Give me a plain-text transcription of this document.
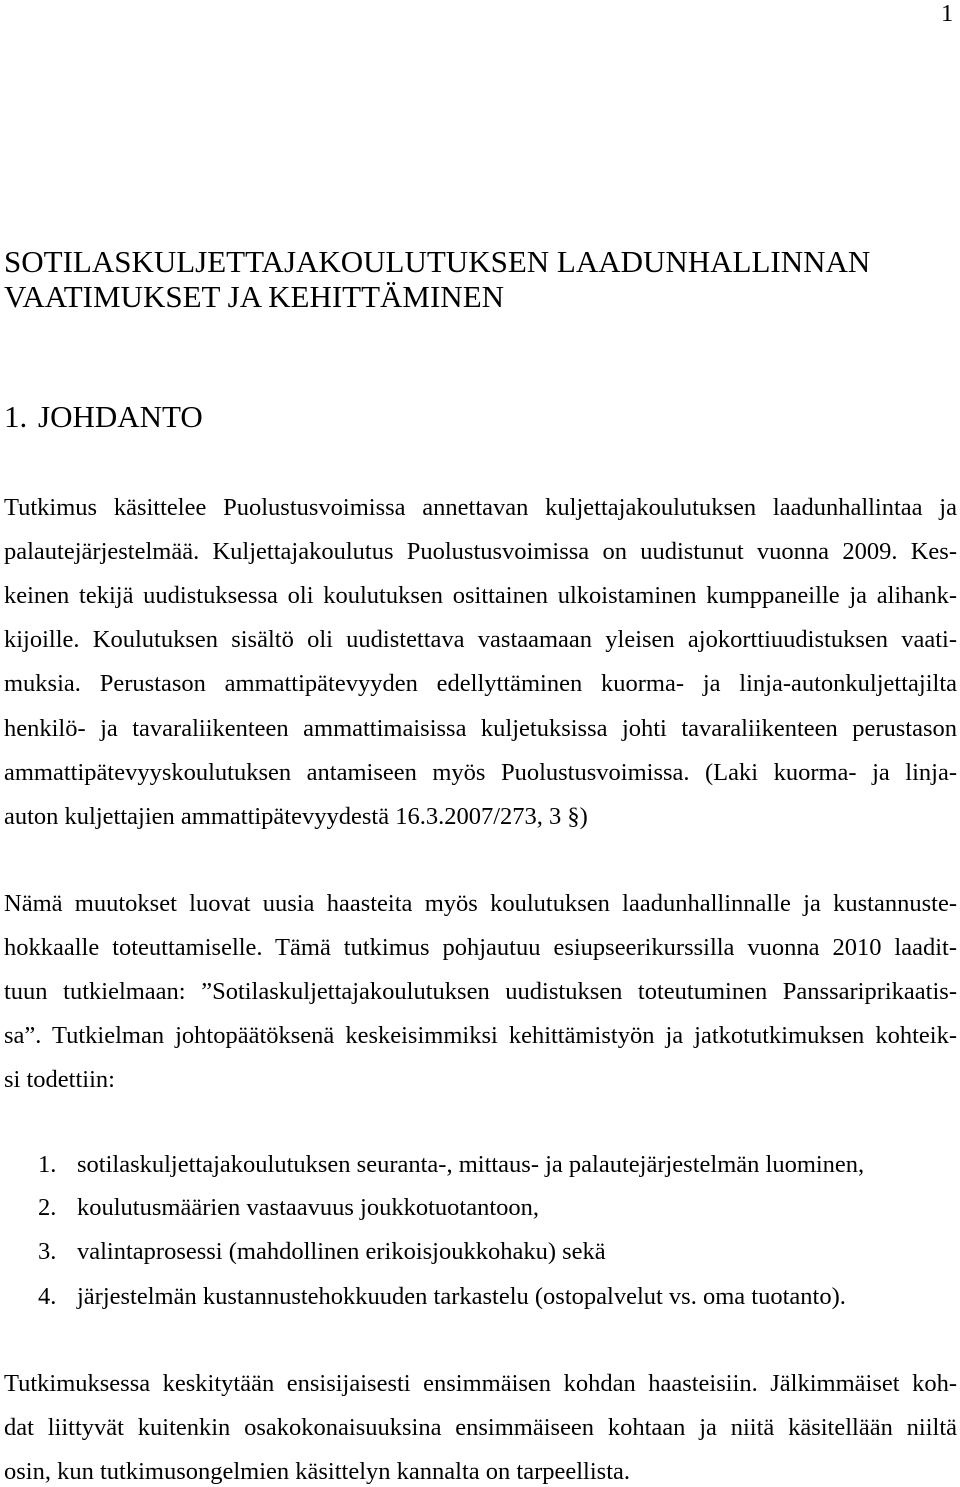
1
SOTILASKULJETTAJAKOULUTUKSEN LAADUNHALLINNAN
VAATIMUKSET JA KEHITTÄMINEN
1. JOHDANTO
Tutkimus käsittelee Puolustusvoimissa annettavan kuljettajakoulutuksen laadunhallintaa ja
palautejärjestelmää. Kuljettajakoulutus Puolustusvoimissa on uudistunut vuonna 2009. Kes-
keinen tekijä uudistuksessa oli koulutuksen osittainen ulkoistaminen kumppaneille ja alihank-
kijoille. Koulutuksen sisältö oli uudistettava vastaamaan yleisen ajokorttiuudistuksen vaati-
muksia. Perustason ammattipätevyyden edellyttäminen kuorma- ja linja-autonkuljettajilta
henkilö- ja tavaraliikenteen ammattimaisissa kuljetuksissa johti tavaraliikenteen perustason
ammattipätevyyskoulutuksen antamiseen myös Puolustusvoimissa. (Laki kuorma- ja linja-
auton kuljettajien ammattipätevyydestä 16.3.2007/273, 3 §)
Nämä muutokset luovat uusia haasteita myös koulutuksen laadunhallinnalle ja kustannuste-
hokkaalle toteuttamiselle. Tämä tutkimus pohjautuu esiupseerikurssilla vuonna 2010 laadit-
tuun tutkielmaan: ”Sotilaskuljettajakoulutuksen uudistuksen toteutuminen Panssariprikaatis-
sa”. Tutkielman johtopäätöksenä keskeisimmiksi kehittämistyön ja jatkotutkimuksen kohteik-
si todettiin:
1. sotilaskuljettajakoulutuksen seuranta-, mittaus- ja palautejärjestelmän luominen,
2. koulutusmäärien vastaavuus joukkotuotantoon,
3. valintaprosessi (mahdollinen erikoisjoukkohaku) sekä
4. järjestelmän kustannustehokkuuden tarkastelu (ostopalvelut vs. oma tuotanto).
Tutkimuksessa keskitytään ensisijaisesti ensimmäisen kohdan haasteisiin. Jälkimmäiset koh-
dat liittyvät kuitenkin osakokonaisuuksina ensimmäiseen kohtaan ja niitä käsitellään niiltä
osin, kun tutkimusongelmien käsittelyn kannalta on tarpeellista.
